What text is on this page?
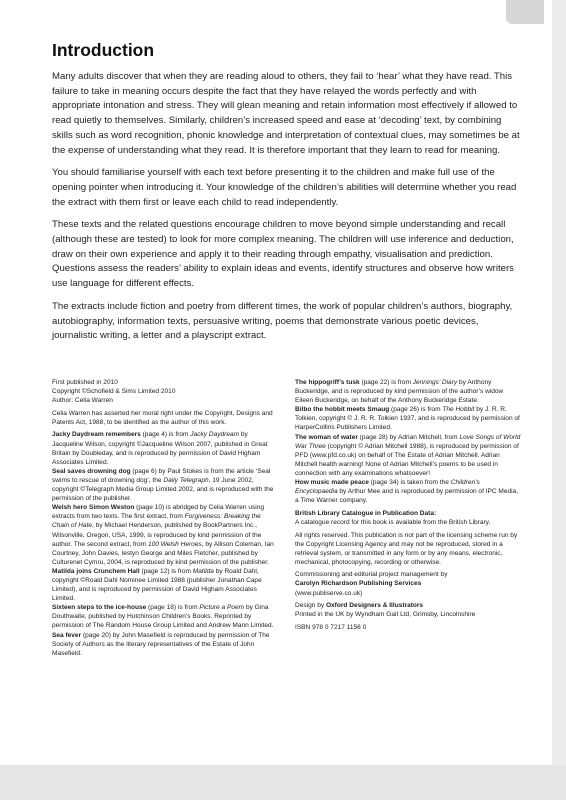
Introduction

Many adults discover that when they are reading aloud to others, they fail to ‘hear’ what they have read. This failure to take in meaning occurs despite the fact that they have relayed the words perfectly and with appropriate intonation and stress. They will glean meaning and retain information most effectively if allowed to read quietly to themselves. Similarly, children’s increased speed and ease at ‘decoding’ text, by combining skills such as word recognition, phonic knowledge and interpretation of contextual clues, may sometimes be at the expense of understanding what they read. It is therefore important that they learn to read for meaning.

You should familiarise yourself with each text before presenting it to the children and make full use of the opening pointer when introducing it. Your knowledge of the children’s abilities will determine whether you read the extract with them first or leave each child to read independently.

These texts and the related questions encourage children to move beyond simple understanding and recall (although these are tested) to look for more complex meaning. The children will use inference and deduction, draw on their own experience and apply it to their reading through empathy, visualisation and prediction. Questions assess the readers’ ability to explain ideas and events, identify structures and observe how writers use language for different effects.

The extracts include fiction and poetry from different times, the work of popular children’s authors, biography, autobiography, information texts, persuasive writing, poems that demonstrate various poetic devices, journalistic writing, a letter and a playscript extract.

First published in 2010

Copyright ©Schofield & Sims Limited 2010

Author: Celia Warren

Celia Warren has asserted her moral right under the Copyright, Designs and Patents Act, 1988, to be identified as the author of this work.

Jacky Daydream remembers (page 4) is from Jacky Daydream by Jacqueline Wilson, copyright ©Jacqueline Wilson 2007, published in Great Britain by Doubleday, and is reproduced by permission of David Higham Associates Limited.

Seal saves drowning dog (page 6) by Paul Stokes is from the article ‘Seal swims to rescue of drowning dog’, the Daily Telegraph, 19 June 2002, copyright ©Telegraph Media Group Limited 2002, and is reproduced with the permission of the publisher.

Welsh hero Simon Weston (page 10) is abridged by Celia Warren using extracts from two texts. The first extract, from Forgiveness: Breaking the Chain of Hate, by Michael Henderson, published by BookPartners Inc., Wilsonville, Oregon, USA, 1999, is reproduced by kind permission of the author. The second extract, from 100 Welsh Heroes, by Allison Coleman, Ian Courtney, John Davies, Iestyn George and Miles Fletcher, published by Culturenet Cymru, 2004, is reproduced by kind permission of the publisher.

Matilda joins Crunchem Hall (page 12) is from Matilda by Roald Dahl, copyright ©Roald Dahl Nominee Limited 1988 (publisher Jonathan Cape Limited), and is reproduced by permission of David Higham Associates Limited.

Sixteen steps to the ice-house (page 18) is from Picture a Poem by Gina Douthwaite, published by Hutchinson Children’s Books. Reprinted by permission of The Random House Group Limited and Andrew Mann Limited.

Sea fever (page 20) by John Masefield is reproduced by permission of The Society of Authors as the literary representatives of the Estate of John Masefield.

The hippogriff’s tusk (page 22) is from Jennings’ Diary by Anthony Buckeridge, and is reproduced by kind permission of the author’s widow Eileen Buckeridge, on behalf of the Anthony Buckeridge Estate.

Bilbo the hobbit meets Smaug (page 26) is from The Hobbit by J. R. R. Tolkien, copyright © J. R. R. Tolkien 1937, and is reproduced by permission of HarperCollins Publishers Limited.

The woman of water (page 28) by Adrian Mitchell, from Love Songs of World War Three (copyright © Adrian Mitchell 1988), is reproduced by permission of PFD (www.pfd.co.uk) on behalf of The Estate of Adrian Mitchell. Adrian Mitchell health warning! None of Adrian Mitchell’s poems to be used in connection with any examinations whatsoever!

How music made peace (page 34) is taken from the Children’s Encyclopaedia by Arthur Mee and is reproduced by permission of IPC Media, a Time Warner company.

British Library Catalogue in Publication Data:

A catalogue record for this book is available from the British Library.

All rights reserved. This publication is not part of the licensing scheme run by the Copyright Licensing Agency and may not be reproduced, stored in a retrieval system, or transmitted in any form or by any means, electronic, mechanical, photocopying, recording or otherwise.

Commissioning and editorial project management by

Carolyn Richardson Publishing Services

(www.publiserve.co.uk)

Design by Oxford Designers & Illustrators

Printed in the UK by Wyndham Gait Ltd, Grimsby, Lincolnshire

ISBN 978 0 7217 1156 0
